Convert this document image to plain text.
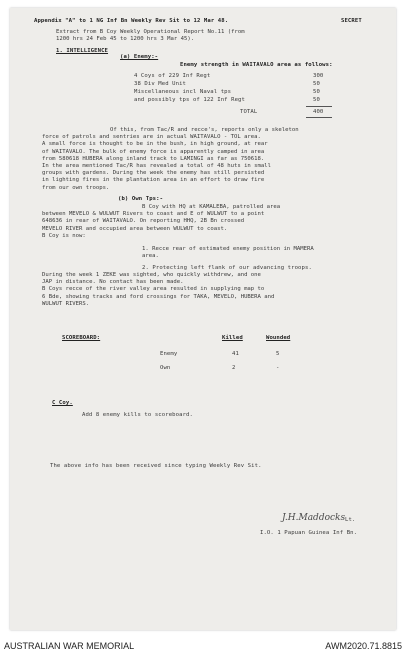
Appendix "A" to 1 NG Inf Bn Weekly Rev Sit to 12 Mar 48.	SECRET
Extract from B Coy Weekly Operational Report No.11 (from
1200 hrs 24 Feb 45 to 1200 hrs 3 Mar 45).
1. INTELLIGENCE
(a) Enemy:-
Enemy strength in WAITAVALO area as follows:
4 Coys of 229 Inf Regt	300
38 Div Med Unit	50
Miscellaneous incl Naval tps	50
and possibly tps of 122 Inf Regt	50
TOTAL	400
Of this, from Tac/R and recce's, reports only a skeleton
force of patrols and sentries are in actual WAITAVALO - TOL area.
A small force is thought to be in the bush, in high ground, at rear
of WAITAVALO. The bulk of enemy force is apparently camped in area
from 580618 HUBERA along inland track to LAMINGI as far as 750618.
In the area mentioned Tac/R has revealed a total of 48 huts in small
groups with gardens. During the week the enemy has still persisted
in lighting fires in the plantation area in an effort to draw fire
from our own troops.
(b) Own Tps:-
B Coy with HQ at KAMALEBA, patrolled area
between MEVELO & WULWUT Rivers to coast and E of WULWUT to a point
648636 in rear of WAITAVALO. On reporting HHQ, 2B Bn crossed
MEVELO RIVER and occupied area between WULWUT to coast.
B Coy is now:
1. Recce rear of estimated enemy position in MAMERA
area.
2. Protecting left flank of our advancing troops.
During the week 1 ZEKE was sighted, who quickly withdrew, and one
JAP in distance. No contact has been made.
B Coys recce of the river valley area resulted in supplying map to
6 Bde, showing tracks and ford crossings for TAKA, MEVELO, HUBERA and
WULWUT RIVERS.
SCOREBOARD:	Killed	Wounded
Enemy	41	5
Own	2	-
C Coy.
Add 8 enemy kills to scoreboard.
The above info has been received since typing Weekly Rev Sit.
J.H.Maddocks Lt.
I.O. 1 Papuan Guinea Inf Bn.
AUSTRALIAN WAR MEMORIAL	AWM2020.71.8815
